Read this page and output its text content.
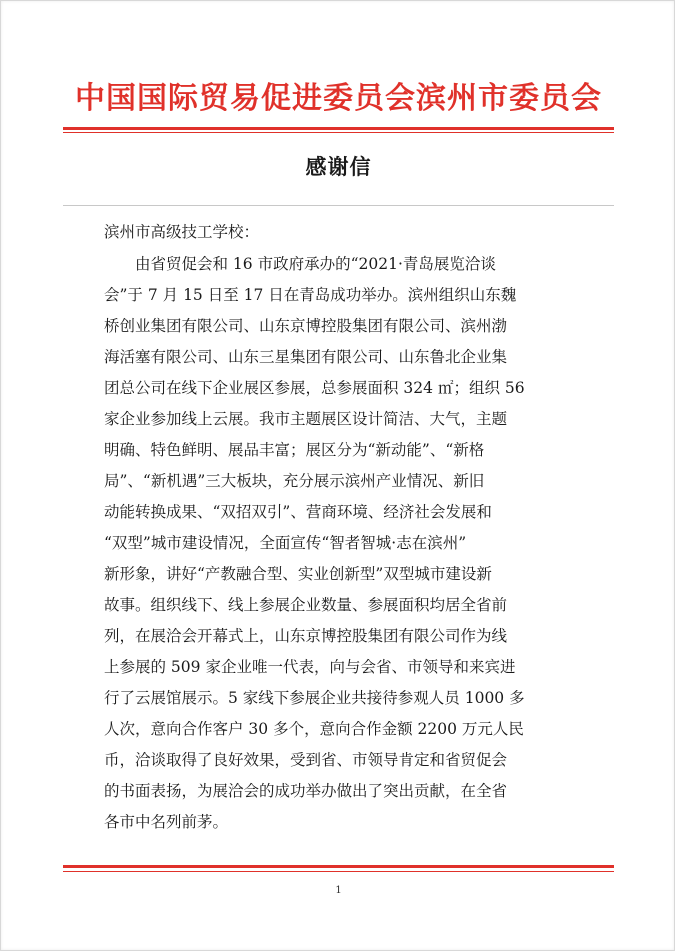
中国国际贸易促进委员会滨州市委员会
感谢信
滨州市高级技工学校：
由省贸促会和 16 市政府承办的“2021·青岛展览洽谈
会”于 7 月 15 日至 17 日在青岛成功举办。滨州组织山东魏
桥创业集团有限公司、山东京博控股集团有限公司、滨州渤
海活塞有限公司、山东三星集团有限公司、山东鲁北企业集
团总公司在线下企业展区参展，总参展面积 324 ㎡；组织 56
家企业参加线上云展。我市主题展区设计简洁、大气，主题
明确、特色鲜明、展品丰富；展区分为“新动能”、“新格
局”、“新机遇”三大板块，充分展示滨州产业情况、新旧
动能转换成果、“双招双引”、营商环境、经济社会发展和
“双型”城市建设情况，全面宣传“智者智城·志在滨州”
新形象，讲好“产教融合型、实业创新型”双型城市建设新
故事。组织线下、线上参展企业数量、参展面积均居全省前
列，在展洽会开幕式上，山东京博控股集团有限公司作为线
上参展的 509 家企业唯一代表，向与会省、市领导和来宾进
行了云展馆展示。5 家线下参展企业共接待参观人员 1000 多
人次，意向合作客户 30 多个，意向合作金额 2200 万元人民
币，洽谈取得了良好效果，受到省、市领导肯定和省贸促会
的书面表扬，为展洽会的成功举办做出了突出贡献，在全省
各市中名列前茅。
1
